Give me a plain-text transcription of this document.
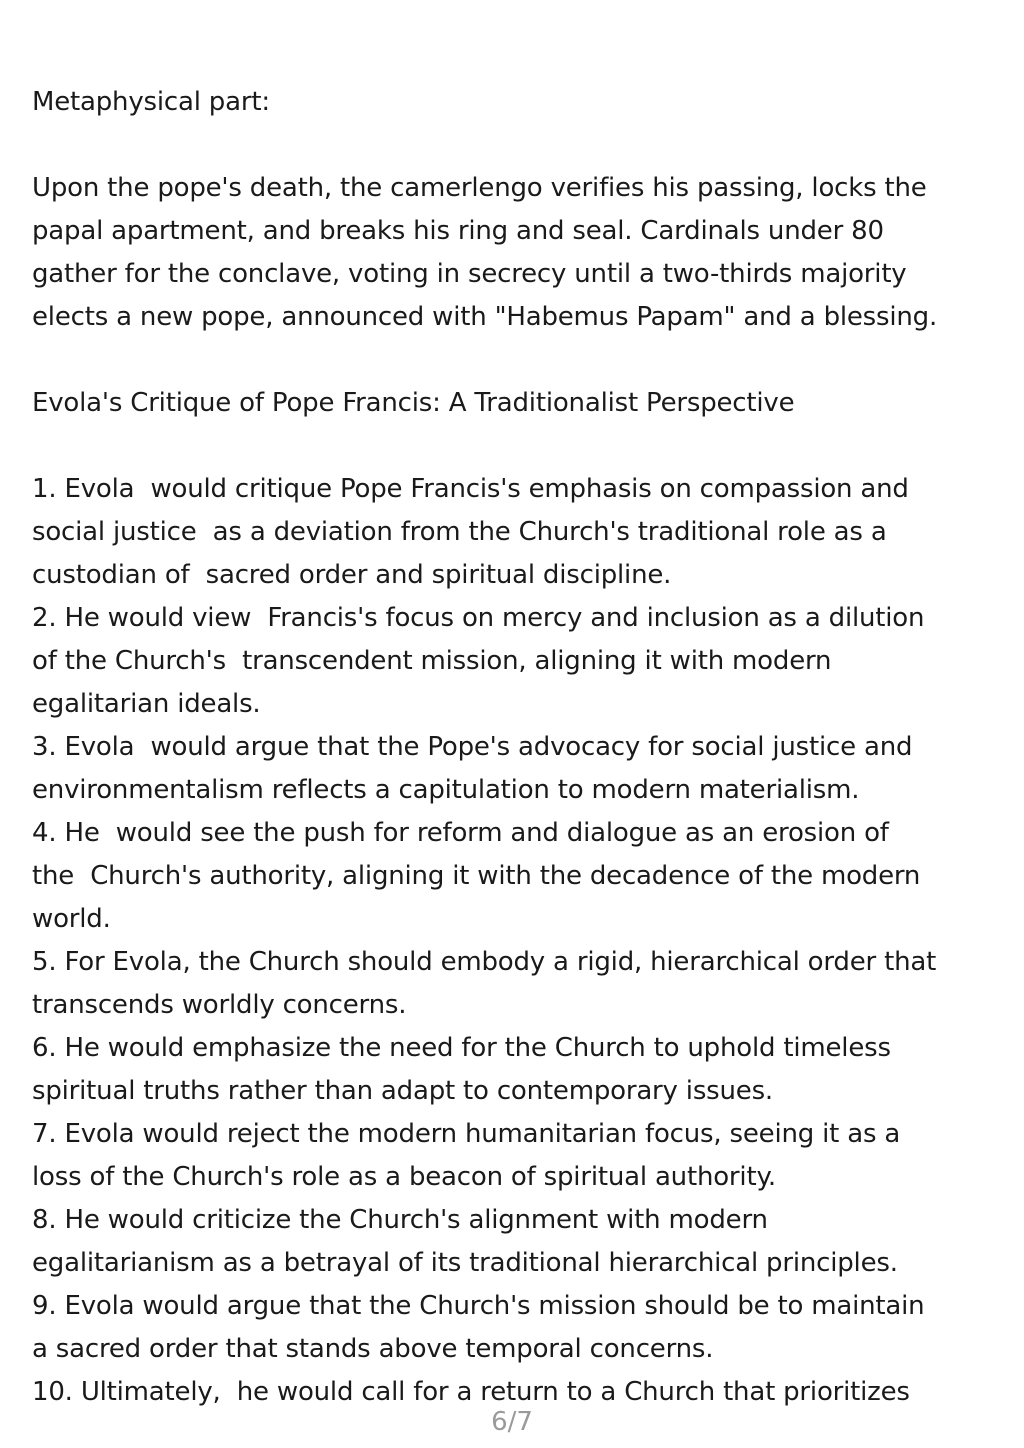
Metaphysical part:
Upon the pope's death, the camerlengo verifies his passing, locks the
papal apartment, and breaks his ring and seal. Cardinals under 80
gather for the conclave, voting in secrecy until a two-thirds majority
elects a new pope, announced with "Habemus Papam" and a blessing.
Evola's Critique of Pope Francis: A Traditionalist Perspective
1. Evola  would critique Pope Francis's emphasis on compassion and
social justice  as a deviation from the Church's traditional role as a
custodian of  sacred order and spiritual discipline.
2. He would view  Francis's focus on mercy and inclusion as a dilution
of the Church's  transcendent mission, aligning it with modern
egalitarian ideals.
3. Evola  would argue that the Pope's advocacy for social justice and
environmentalism reflects a capitulation to modern materialism.
4. He  would see the push for reform and dialogue as an erosion of
the  Church's authority, aligning it with the decadence of the modern
world.
5. For Evola, the Church should embody a rigid, hierarchical order that
transcends worldly concerns.
6. He would emphasize the need for the Church to uphold timeless
spiritual truths rather than adapt to contemporary issues.
7. Evola would reject the modern humanitarian focus, seeing it as a
loss of the Church's role as a beacon of spiritual authority.
8. He would criticize the Church's alignment with modern
egalitarianism as a betrayal of its traditional hierarchical principles.
9. Evola would argue that the Church's mission should be to maintain
a sacred order that stands above temporal concerns.
10. Ultimately,  he would call for a return to a Church that prioritizes
6/7
